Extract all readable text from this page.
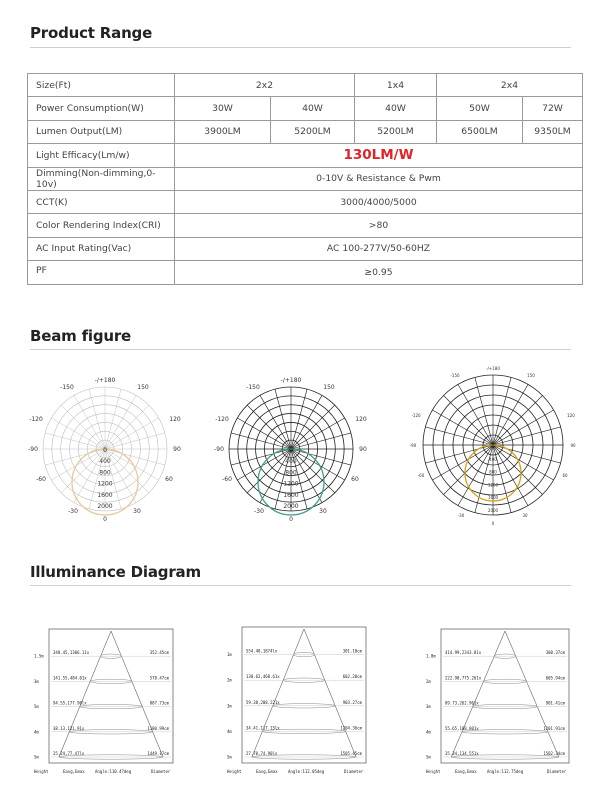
Product Range
Size(Ft)	2x2		1x4	2x4	
Power Consumption(W)	30W	40W	40W	50W	72W
Lumen Output(LM)	3900LM	5200LM	5200LM	6500LM	9350LM
Light Efficacy(Lm/w)	130LM/W				
Dimming(Non-dimming,0-10v)	0-10V & Resistance & Pwm				
CCT(K)	3000/4000/5000				
Color Rendering Index(CRI)	>80				
AC Input Rating(Vac)	AC 100-277V/50-60HZ				
PF	≥0.95				
Beam figure
-/+180
-150	150
-120	120
-90	90
-60	60
-30	30
0
0
400
800
1200
1600
2000
-/+180
-150	150
-120	120
-90	90
-60	60
-30	30
0
0
400
800
1200
1600
2000
-/+180
-150	150
-120	120
-90	90
-60	60
-30	30
0
0
400
800
1200
1600
2000
Illuminance Diagram
1.5m
348.45,1306.11x	352.45cm
3m
141.55,484.01x	578.47cm
5m
94.55,177.96lx	887.73cm
4m
38.13,121.91x	1180.99cm
5m
25.24,77.47lx	1449.17cm
Height	Eavg,Emax	Angle:110.47deg	Diameter
1m
554.48,1874lx	301.10cm
2m
138.62,468.61x	602.20cm
3m
59.38,208.221x	903.27cm
4m
34.41,117.15lx	1204.36cm
5m
27.70,74.90lx	1505.45cm
Height	Eavg,Emax	Angle:112.05deg	Diameter
1.0m
414.99,2343.81x	300.37cm
2m
222.90,775.261x	605.94cm
3m
89.73,262.961x	901.41cm
4m
55.65,188.801x	1201.91cm
5m
35.34,134.551x	1502.34cm
Height	Eavg,Emax	Angle:112.75deg	Diameter
